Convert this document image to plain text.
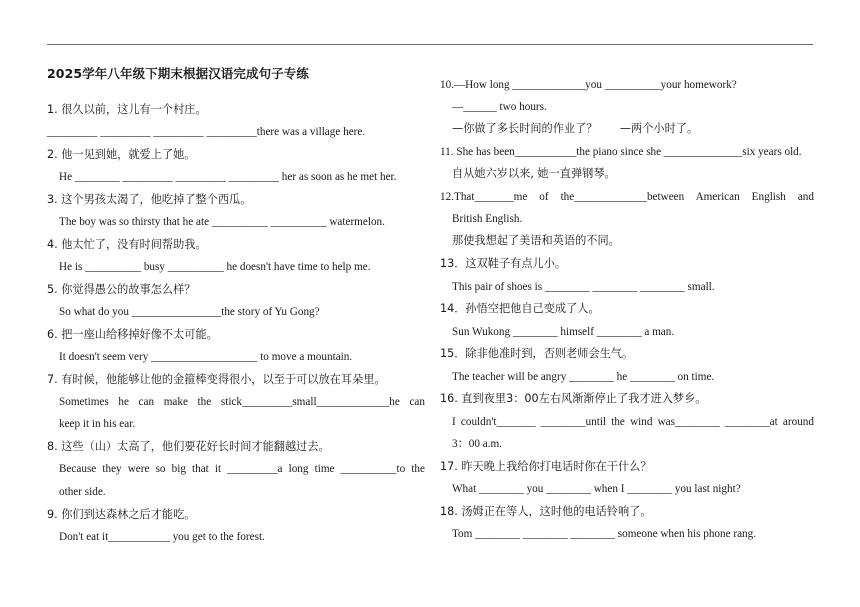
2025学年八年级下期末根据汉语完成句子专练
1. 很久以前，这儿有一个村庄。
_________ _________ _________ _________there was a village here.
2. 他一见到她，就爱上了她。
He ________ _________ _________ _________ her as soon as he met her.
3. 这个男孩太渴了，他吃掉了整个西瓜。
The boy was so thirsty that he ate __________ __________ watermelon.
4. 他太忙了，没有时间帮助我。
He is __________ busy __________ he doesn't have time to help me.
5. 你觉得愚公的故事怎么样？
So what do you ________________the story of Yu Gong?
6. 把一座山给移掉好像不太可能。
It doesn't seem very ___________________ to move a mountain.
7. 有时候，他能够让他的金箍棒变得很小，以至于可以放在耳朵里。
Sometimes he can make the stick_________small_____________he can
keep it in his ear.
8. 这些（山）太高了，他们要花好长时间才能翻越过去。
Because they were so big that it _________a long time __________to the
other side.
9. 你们到达森林之后才能吃。
Don't eat it___________ you get to the forest.
10.—How long _____________you __________your homework?
—______ two hours.
—你做了多长时间的作业了？　　—两个小时了。
11. She has been___________the piano since she ______________six years old.
自从她六岁以来, 她一直弹钢琴。
12.That_______me of the_____________between American English and
British English.
那使我想起了美语和英语的不同。
13．这双鞋子有点儿小。
This pair of shoes is ________ ________ ________ small.
14．孙悟空把他自己变成了人。
Sun Wukong ________ himself ________ a man.
15．除非他准时到，否则老师会生气。
The teacher will be angry ________ he ________ on time.
16. 直到夜里3：00左右风渐渐停止了我才进入梦乡。
I couldn't_______ ________until the wind was________ ________at around
3：00 a.m.
17. 昨天晚上我给你打电话时你在干什么？
What ________ you ________ when I ________ you last night?
18. 汤姆正在等人，这时他的电话铃响了。
Tom ________ ________ ________ someone when his phone rang.
